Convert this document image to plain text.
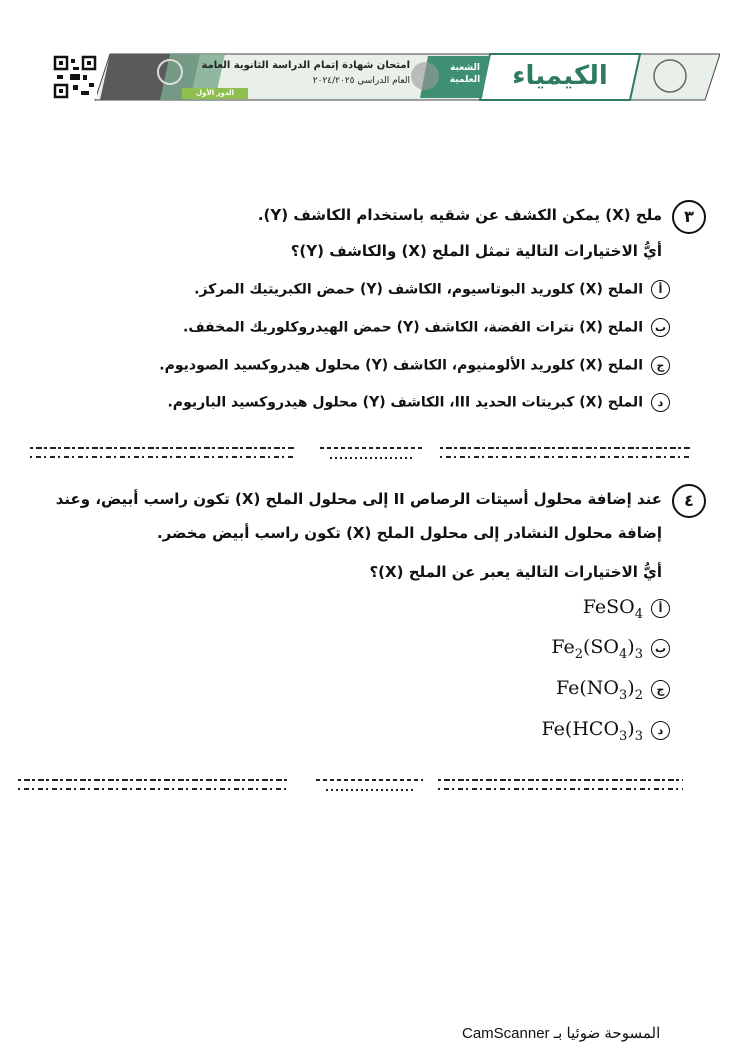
الكيمياء
الشعبة العلمية
امتحان شهادة إتمام الدراسة الثانوية العامة
العام الدراسي ٢٠٢٤/٢٠٢٥
الدور الأول
٣
ملح (X) يمكن الكشف عن شقيه باستخدام الكاشف (Y).
أيُّ الاختيارات التالية تمثل الملح (X) والكاشف (Y)؟
أالملح (X) كلوريد البوتاسيوم، الكاشف (Y) حمض الكبريتيك المركز.
بالملح (X) نترات الفضة، الكاشف (Y) حمض الهيدروكلوريك المخفف.
جالملح (X) كلوريد الألومنيوم، الكاشف (Y) محلول هيدروكسيد الصوديوم.
دالملح (X) كبريتات الحديد III، الكاشف (Y) محلول هيدروكسيد الباريوم.
٤
عند إضافة محلول أسيتات الرصاص II إلى محلول الملح (X) تكون راسب أبيض، وعند
إضافة محلول النشادر إلى محلول الملح (X) تكون راسب أبيض مخضر.
أيُّ الاختيارات التالية يعبر عن الملح (X)؟
أFeSO$_4$
$بFe_2(SO_4)_3$
$جFe(NO_3)_2$
$دFe(HCO_3)_3$
CamScanner المسوحة ضوئيا بـ
